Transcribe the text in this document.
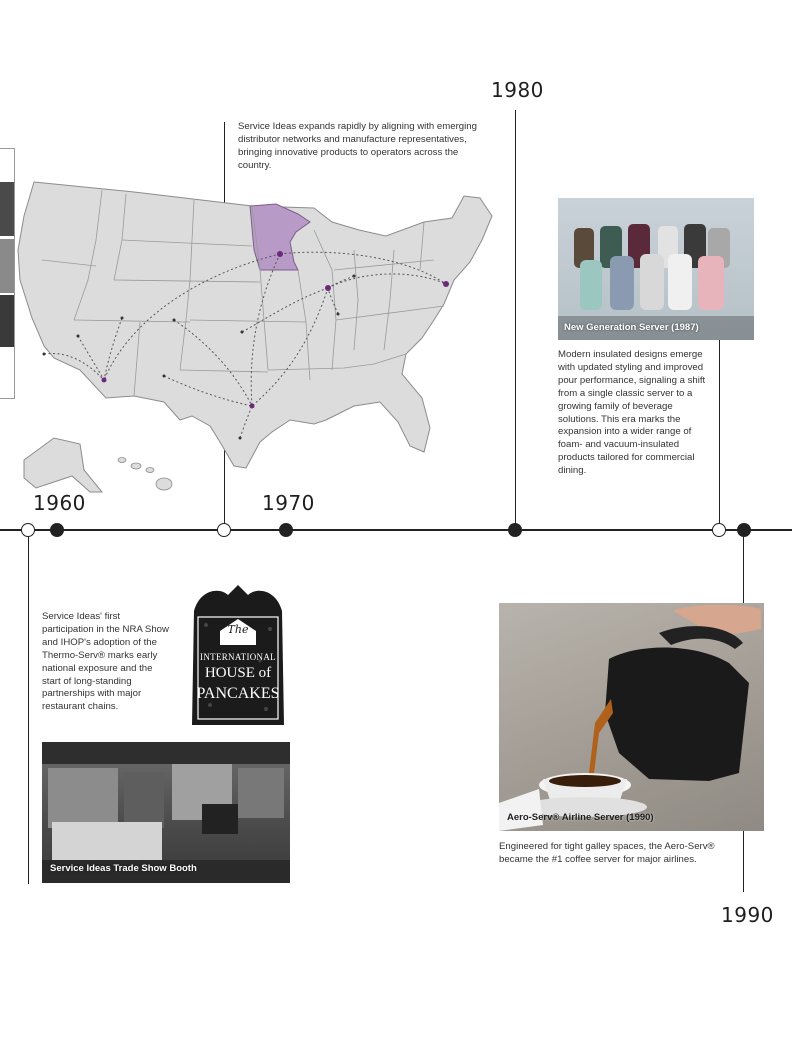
1980
1960	1970
1990
Service Ideas expands rapidly by aligning with emerging distributor networks and manufacture representatives, bringing innovative products to operators across the country.
New Generation Server (1987)
Modern insulated designs emerge with updated styling and improved pour performance, signaling a shift from a single classic server to a growing family of beverage solutions. This era marks the expansion into a wider range of foam- and vacuum-insulated products tailored for commercial dining.
Service Ideas' first participation in the NRA Show and IHOP's adoption of the Thermo-Serv® marks early national exposure and the start of long-standing partnerships with major restaurant chains.
The
INTERNATIONAL
HOUSE of
PANCAKES
Service Ideas Trade Show Booth
Aero-Serv® Airline Server (1990)
Engineered for tight galley spaces, the Aero-Serv® became the #1 coffee server for major airlines.
